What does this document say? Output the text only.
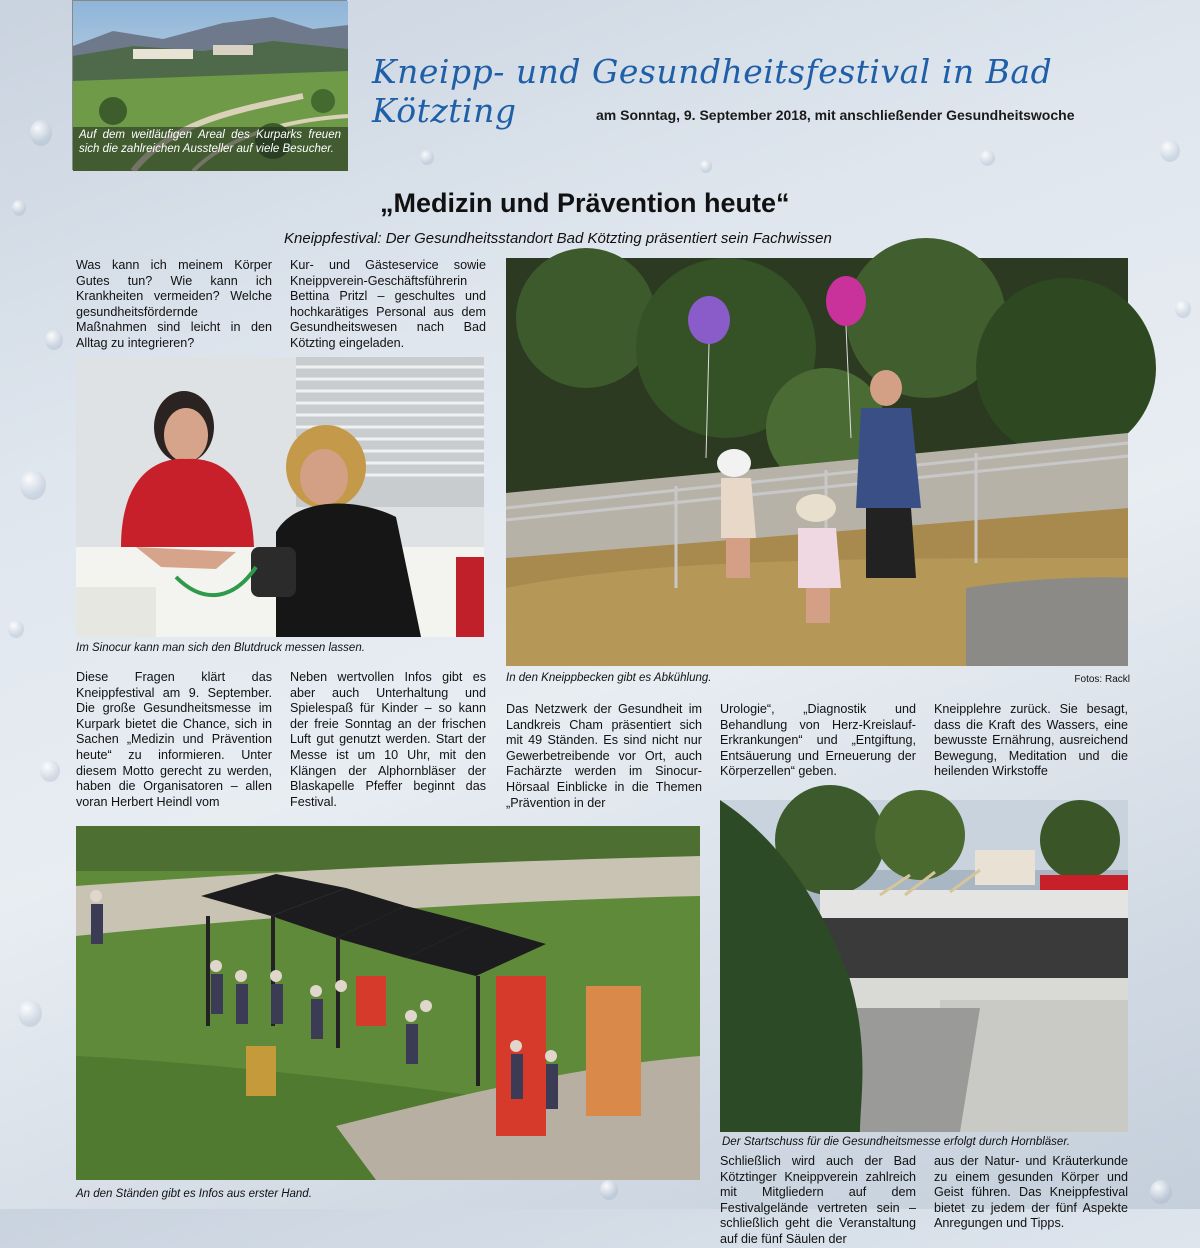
Auf dem weitläufigen Areal des Kurparks freuen sich die zahlreichen Aussteller auf viele Besucher.
Kneipp- und Gesundheitsfestival in Bad Kötzting	am Sonntag, 9. September 2018, mit anschließender Gesundheitswoche
„Medizin und Prävention heute“
Kneippfestival: Der Gesundheitsstandort Bad Kötzting präsentiert sein Fachwissen
Was kann ich meinem Körper Gutes tun? Wie kann ich Krankheiten vermeiden? Welche gesundheitsfördernde Maßnahmen sind leicht in den Alltag zu integrieren?
Kur- und Gästeservice sowie Kneippverein-Geschäftsführerin Bettina Pritzl – geschultes und hochkarätiges Personal aus dem Gesundheitswesen nach Bad Kötzting eingeladen.
Im Sinocur kann man sich den Blutdruck messen lassen.
In den Kneippbecken gibt es Abkühlung.	Fotos: Rackl
Diese Fragen klärt das Kneippfestival am 9. September. Die große Gesundheitsmesse im Kurpark bietet die Chance, sich in Sachen „Medizin und Prävention heute“ zu informieren. Unter diesem Motto gerecht zu werden, haben die Organisatoren – allen voran Herbert Heindl vom
Neben wertvollen Infos gibt es aber auch Unterhaltung und Spielespaß für Kinder – so kann der freie Sonntag an der frischen Luft gut genutzt werden. Start der Messe ist um 10 Uhr, mit den Klängen der Alphornbläser der Blaskapelle Pfeffer beginnt das Festival.
Das Netzwerk der Gesundheit im Landkreis Cham präsentiert sich mit 49 Ständen. Es sind nicht nur Gewerbetreibende vor Ort, auch Fachärzte werden im Sinocur-Hörsaal Einblicke in die Themen „Prävention in der
Urologie“, „Diagnostik und Behandlung von Herz-Kreislauf-Erkrankungen“ und „Entgiftung, Entsäuerung und Erneuerung der Körperzellen“ geben.
Kneipplehre zurück. Sie besagt, dass die Kraft des Wassers, eine bewusste Ernährung, ausreichend Bewegung, Meditation und die heilenden Wirkstoffe
An den Ständen gibt es Infos aus erster Hand.
Der Startschuss für die Gesundheitsmesse erfolgt durch Hornbläser.
Schließlich wird auch der Bad Kötztinger Kneippverein zahlreich mit Mitgliedern auf dem Festivalgelände vertreten sein – schließlich geht die Veranstaltung auf die fünf Säulen der
aus der Natur- und Kräuterkunde zu einem gesunden Körper und Geist führen. Das Kneippfestival bietet zu jedem der fünf Aspekte Anregungen und Tipps.
